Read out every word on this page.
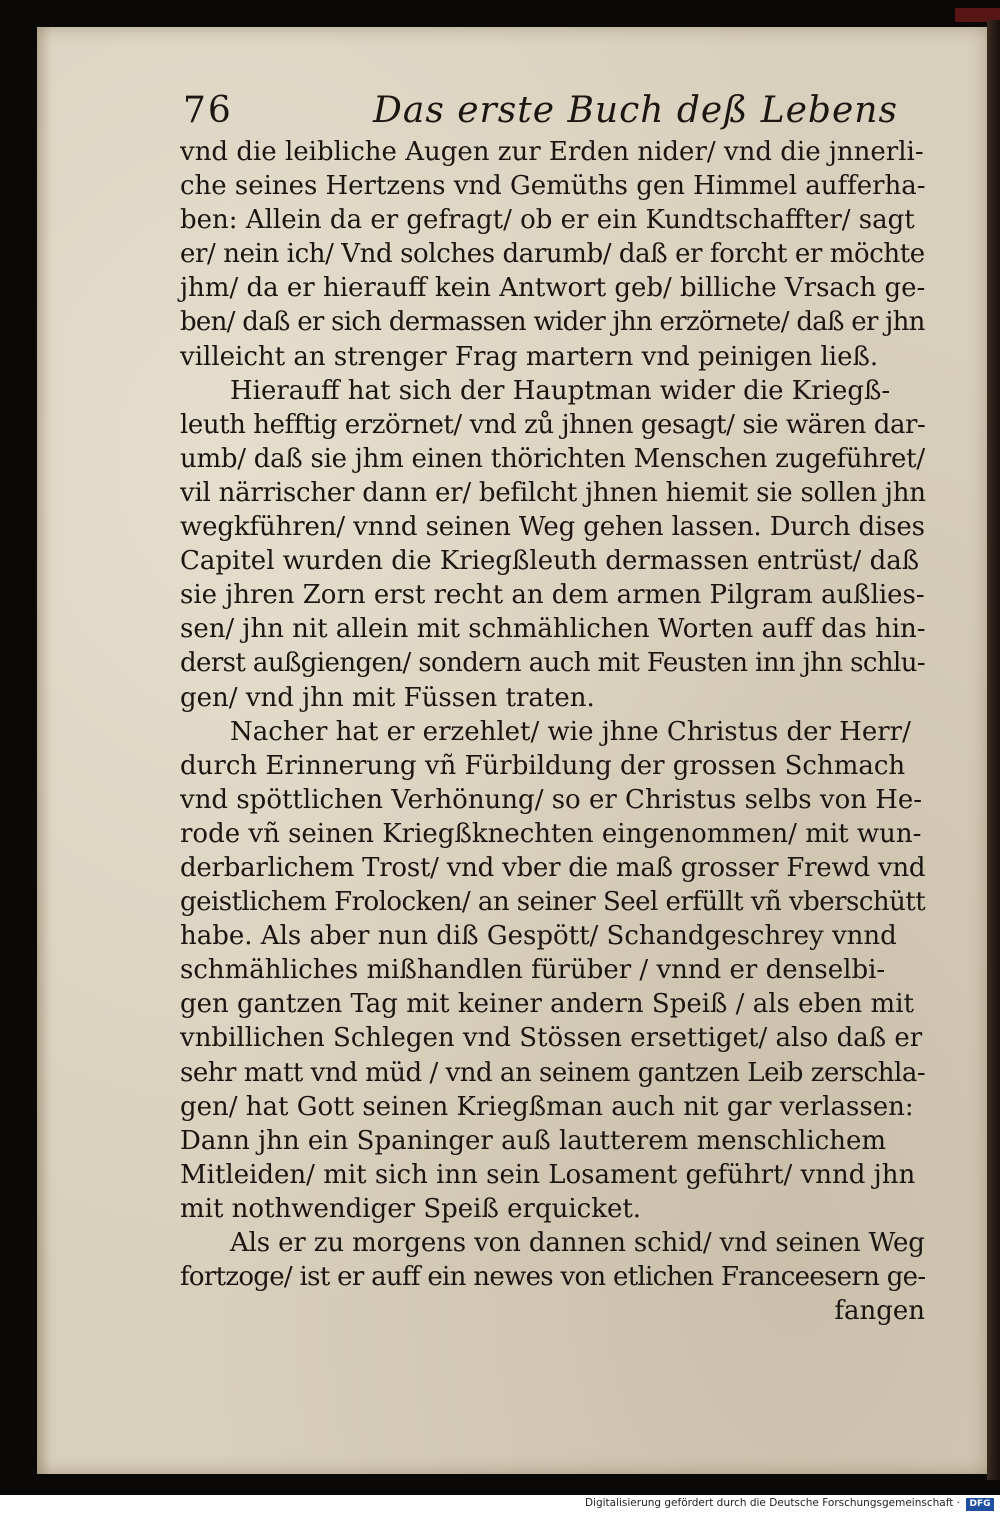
76	Das erste Buch deß Lebens
vnd die leibliche Augen zur Erden nider/ vnd die jnnerli-
che seines Hertzens vnd Gemüths gen Himmel aufferha-
ben: Allein da er gefragt/ ob er ein Kundtschaffter/ sagt
er/ nein ich/ Vnd solches darumb/ daß er forcht er möchte
jhm/ da er hierauff kein Antwort geb/ billiche Vrsach ge-
ben/ daß er sich dermassen wider jhn erzörnete/ daß er jhn
villeicht an strenger Frag martern vnd peinigen ließ.
Hierauff hat sich der Hauptman wider die Kriegß-
leuth hefftig erzörnet/ vnd zů jhnen gesagt/ sie wären dar-
umb/ daß sie jhm einen thörichten Menschen zugeführet/
vil närrischer dann er/ befilcht jhnen hiemit sie sollen jhn
wegkführen/ vnnd seinen Weg gehen lassen. Durch dises
Capitel wurden die Kriegßleuth dermassen entrüst/ daß
sie jhren Zorn erst recht an dem armen Pilgram außlies-
sen/ jhn nit allein mit schmählichen Worten auff das hin-
derst außgiengen/ sondern auch mit Feusten inn jhn schlu-
gen/ vnd jhn mit Füssen traten.
Nacher hat er erzehlet/ wie jhne Christus der Herr/
durch Erinnerung vñ Fürbildung der grossen Schmach
vnd spöttlichen Verhönung/ so er Christus selbs von He-
rode vñ seinen Kriegßknechten eingenommen/ mit wun-
derbarlichem Trost/ vnd vber die maß grosser Frewd vnd
geistlichem Frolocken/ an seiner Seel erfüllt vñ vberschütt
habe. Als aber nun diß Gespött/ Schandgeschrey vnnd
schmähliches mißhandlen fürüber / vnnd er denselbi-
gen gantzen Tag mit keiner andern Speiß / als eben mit
vnbillichen Schlegen vnd Stössen ersettiget/ also daß er
sehr matt vnd müd / vnd an seinem gantzen Leib zerschla-
gen/ hat Gott seinen Kriegßman auch nit gar verlassen:
Dann jhn ein Spaninger auß lautterem menschlichem
Mitleiden/ mit sich inn sein Losament geführt/ vnnd jhn
mit nothwendiger Speiß erquicket.
Als er zu morgens von dannen schid/ vnd seinen Weg
fortzoge/ ist er auff ein newes von etlichen Franceesern ge-
fangen
Digitalisierung gefördert durch die Deutsche Forschungsgemeinschaft ·	DFG
